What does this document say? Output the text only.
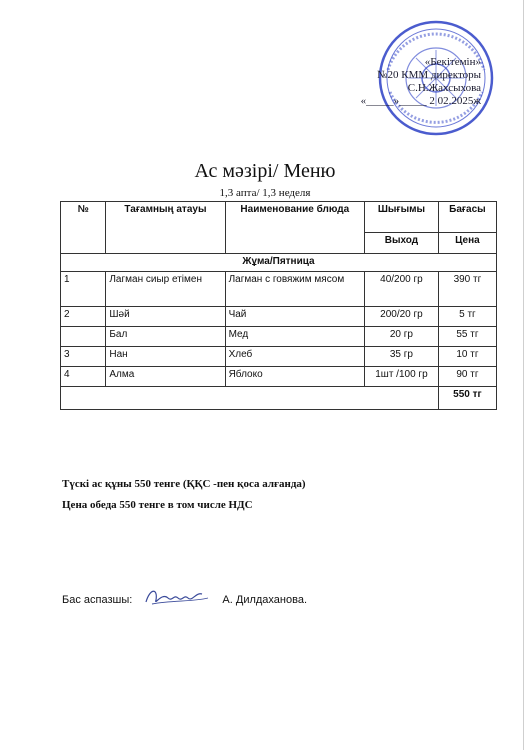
«Бекітемін»
№20 КММ директоры
С.Н.Жахсыхова
«_____»_____ 2 02.2025ж
Ас мәзірі/ Меню
1,3 апта/ 1,3 неделя
№	Тағамның атауы	Наименование блюда	Шығымы	Бағасы
			Выход	Цена
Жұма/Пятница				
1	Лагман сиыр етімен	Лагман с говяжим мясом	40/200 гр	390 тг
2	Шәй	Чай	200/20 гр	5 тг
	Бал	Мед	20 гр	55 тг
3	Нан	Хлеб	35 гр	10 тг
4	Алма	Яблоко	1шт /100 гр	90 тг
				550 тг
Түскі ас құны 550 тенге (ҚҚС -пен қоса алғанда)
Цена обеда 550 тенге в том числе НДС
Бас аспазшы:	А. Дилдаханова.
